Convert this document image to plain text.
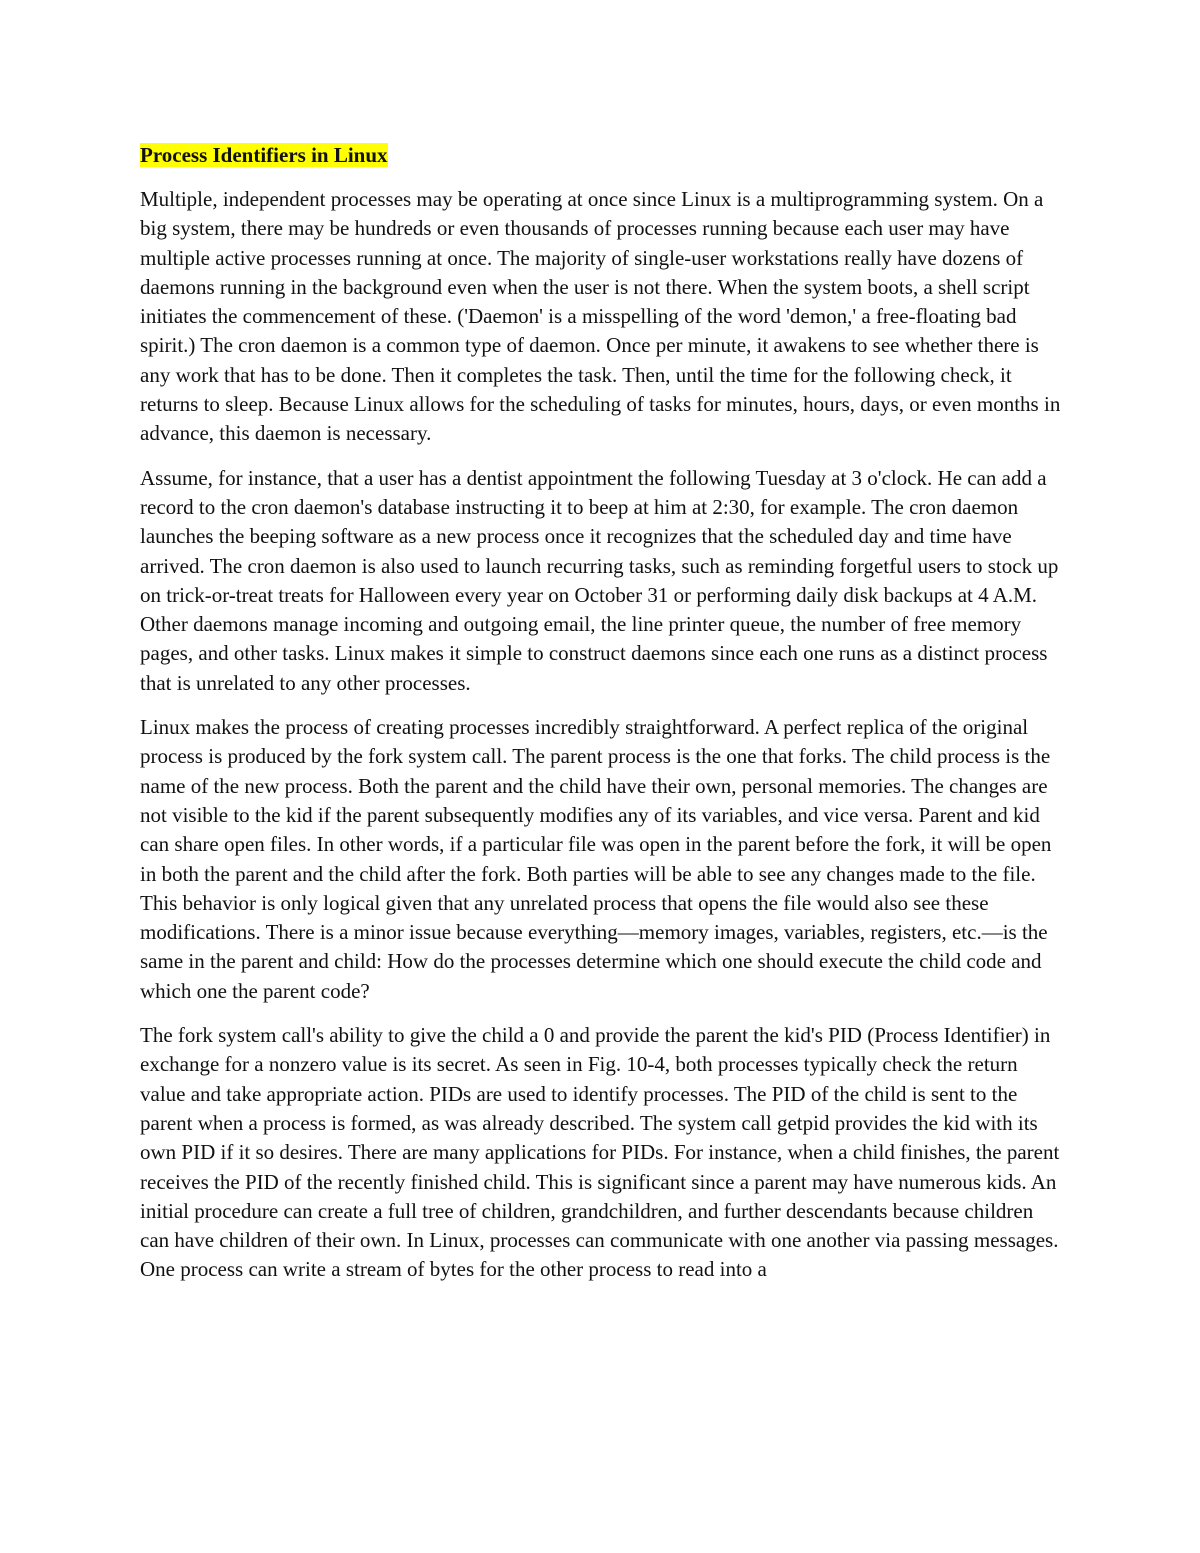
Process Identifiers in Linux

Multiple, independent processes may be operating at once since Linux is a multiprogramming system. On a big system, there may be hundreds or even thousands of processes running because each user may have multiple active processes running at once. The majority of single-user workstations really have dozens of daemons running in the background even when the user is not there. When the system boots, a shell script initiates the commencement of these. ('Daemon' is a misspelling of the word 'demon,' a free-floating bad spirit.) The cron daemon is a common type of daemon. Once per minute, it awakens to see whether there is any work that has to be done. Then it completes the task. Then, until the time for the following check, it returns to sleep. Because Linux allows for the scheduling of tasks for minutes, hours, days, or even months in advance, this daemon is necessary.

Assume, for instance, that a user has a dentist appointment the following Tuesday at 3 o'clock. He can add a record to the cron daemon's database instructing it to beep at him at 2:30, for example. The cron daemon launches the beeping software as a new process once it recognizes that the scheduled day and time have arrived. The cron daemon is also used to launch recurring tasks, such as reminding forgetful users to stock up on trick-or-treat treats for Halloween every year on October 31 or performing daily disk backups at 4 A.M. Other daemons manage incoming and outgoing email, the line printer queue, the number of free memory pages, and other tasks. Linux makes it simple to construct daemons since each one runs as a distinct process that is unrelated to any other processes.

Linux makes the process of creating processes incredibly straightforward. A perfect replica of the original process is produced by the fork system call. The parent process is the one that forks. The child process is the name of the new process. Both the parent and the child have their own, personal memories. The changes are not visible to the kid if the parent subsequently modifies any of its variables, and vice versa. Parent and kid can share open files. In other words, if a particular file was open in the parent before the fork, it will be open in both the parent and the child after the fork. Both parties will be able to see any changes made to the file. This behavior is only logical given that any unrelated process that opens the file would also see these modifications. There is a minor issue because everything—memory images, variables, registers, etc.—is the same in the parent and child: How do the processes determine which one should execute the child code and which one the parent code?

The fork system call's ability to give the child a 0 and provide the parent the kid's PID (Process Identifier) in exchange for a nonzero value is its secret. As seen in Fig. 10-4, both processes typically check the return value and take appropriate action. PIDs are used to identify processes. The PID of the child is sent to the parent when a process is formed, as was already described. The system call getpid provides the kid with its own PID if it so desires. There are many applications for PIDs. For instance, when a child finishes, the parent receives the PID of the recently finished child. This is significant since a parent may have numerous kids. An initial procedure can create a full tree of children, grandchildren, and further descendants because children can have children of their own. In Linux, processes can communicate with one another via passing messages. One process can write a stream of bytes for the other process to read into a
